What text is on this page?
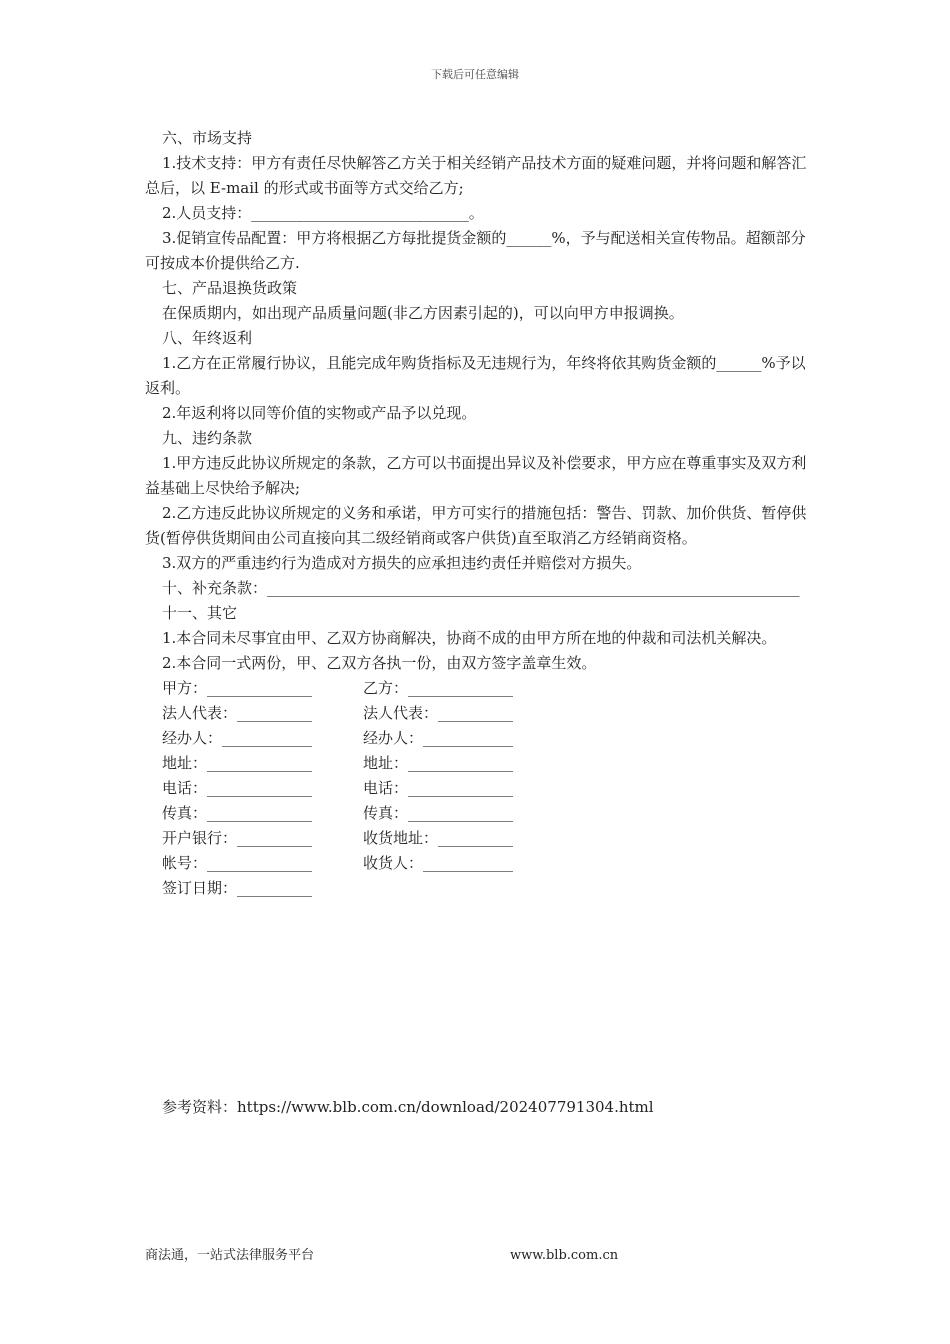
下载后可任意编辑

六、市场支持

1.技术支持：甲方有责任尽快解答乙方关于相关经销产品技术方面的疑难问题，并将问题和解答汇总后，以 E-mail 的形式或书面等方式交给乙方;

2.人员支持：_____________________________。

3.促销宣传品配置：甲方将根据乙方每批提货金额的______%，予与配送相关宣传物品。超额部分可按成本价提供给乙方.

七、产品退换货政策

在保质期内，如出现产品质量问题(非乙方因素引起的)，可以向甲方申报调换。

八、年终返利

1.乙方在正常履行协议，且能完成年购货指标及无违规行为，年终将依其购货金额的______%予以返利。

2.年返利将以同等价值的实物或产品予以兑现。

九、违约条款

1.甲方违反此协议所规定的条款，乙方可以书面提出异议及补偿要求，甲方应在尊重事实及双方利益基础上尽快给予解决;

2.乙方违反此协议所规定的义务和承诺，甲方可实行的措施包括：警告、罚款、加价供货、暂停供货(暂停供货期间由公司直接向其二级经销商或客户供货)直至取消乙方经销商资格。

3.双方的严重违约行为造成对方损失的应承担违约责任并赔偿对方损失。

十、补充条款：_______________________________________________________________________

十一、其它

1.本合同未尽事宜由甲、乙双方协商解决，协商不成的由甲方所在地的仲裁和司法机关解决。

2.本合同一式两份，甲、乙双方各执一份，由双方签字盖章生效。

甲方：______________	乙方：______________
法人代表：__________	法人代表：__________
经办人：____________	经办人：____________
地址：______________	地址：______________
电话：______________	电话：______________
传真：______________	传真：______________
开户银行：__________	收货地址：__________
帐号：______________	收货人：____________
签订日期：__________
参考资料：https://www.blb.com.cn/download/202407791304.html
商法通，一站式法律服务平台	www.blb.com.cn
